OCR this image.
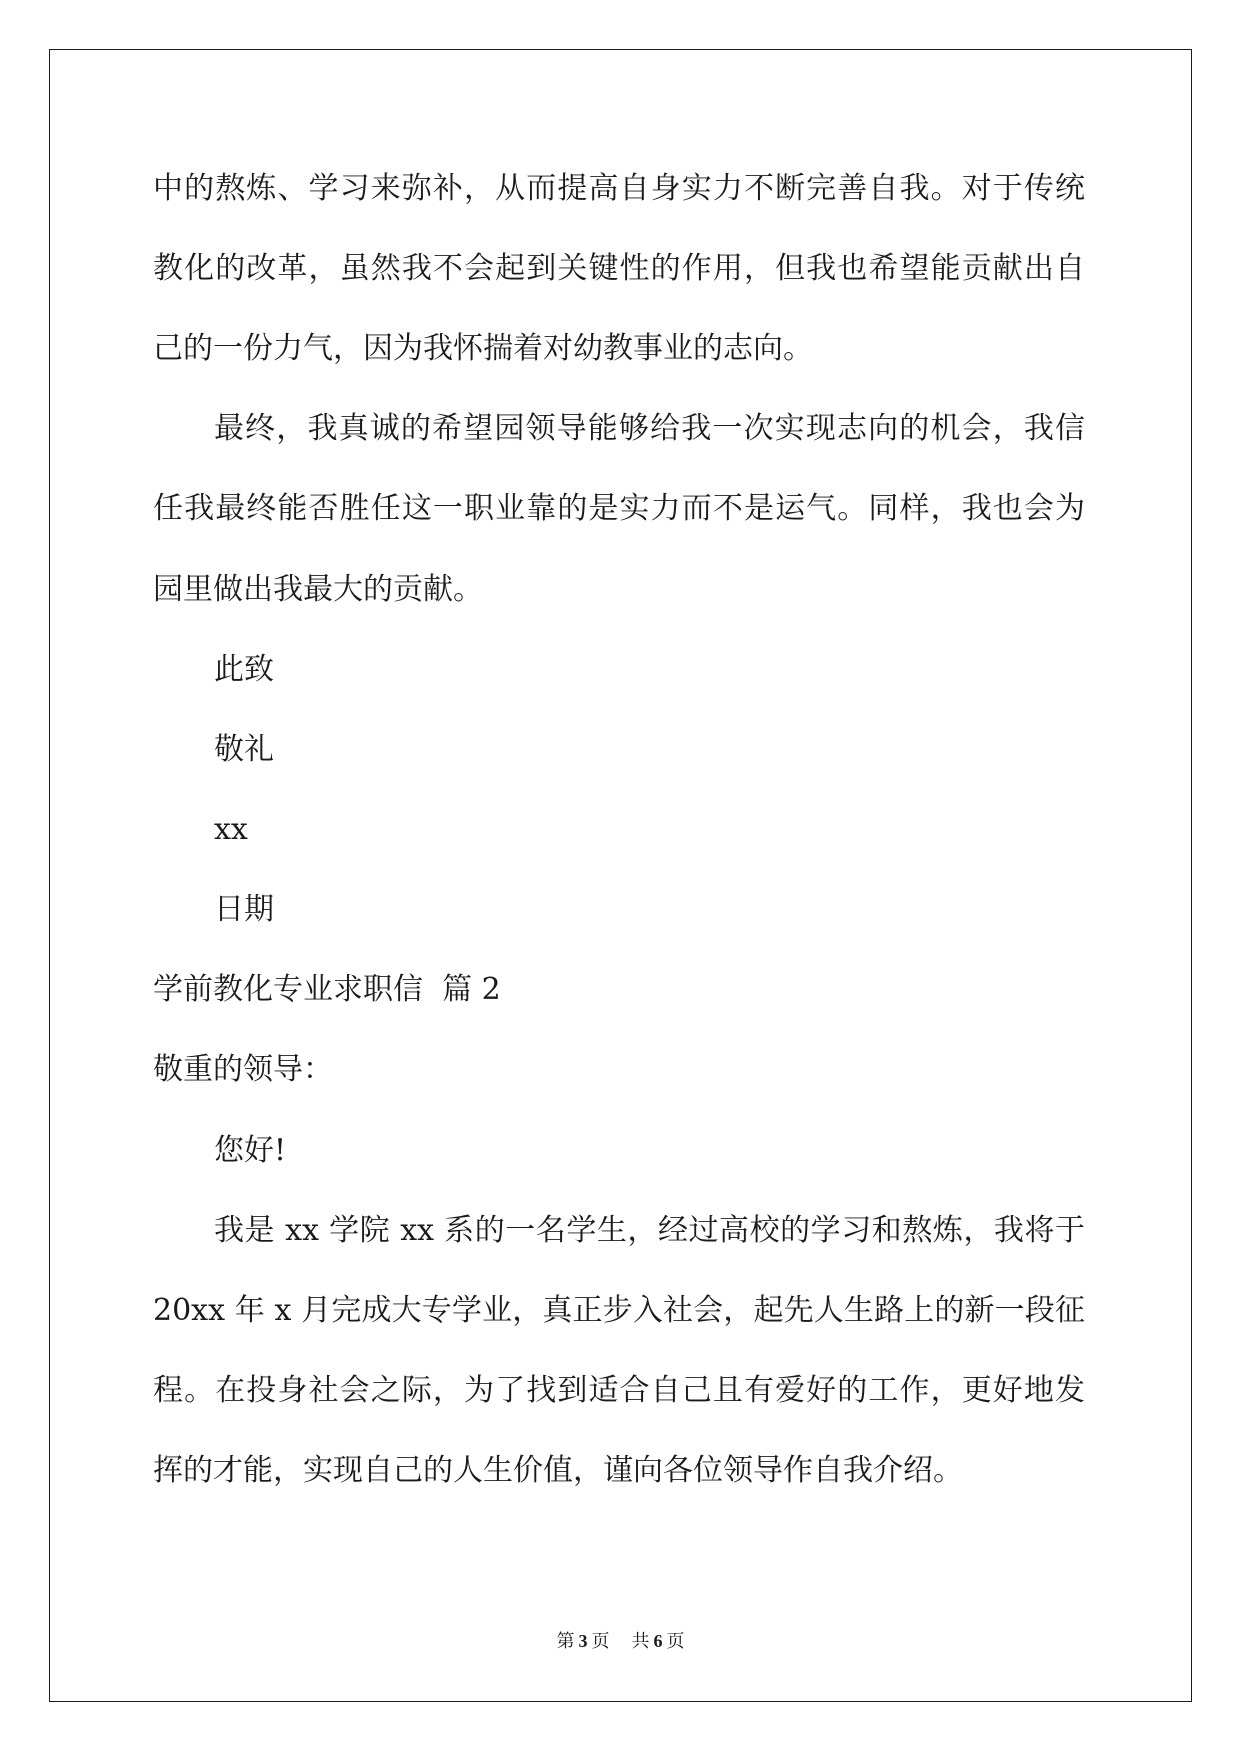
中的熬炼、学习来弥补，从而提高自身实力不断完善自我。对于传统

教化的改革，虽然我不会起到关键性的作用，但我也希望能贡献出自

己的一份力气，因为我怀揣着对幼教事业的志向。

最终，我真诚的希望园领导能够给我一次实现志向的机会，我信

任我最终能否胜任这一职业靠的是实力而不是运气。同样，我也会为

园里做出我最大的贡献。

此致

敬礼

xx

日期

学前教化专业求职信  篇 2

敬重的领导：

您好!

我是 xx 学院 xx 系的一名学生，经过高校的学习和熬炼，我将于

20xx 年 x 月完成大专学业，真正步入社会，起先人生路上的新一段征

程。在投身社会之际，为了找到适合自己且有爱好的工作，更好地发

挥的才能，实现自己的人生价值，谨向各位领导作自我介绍。

第 3 页 共 6 页
